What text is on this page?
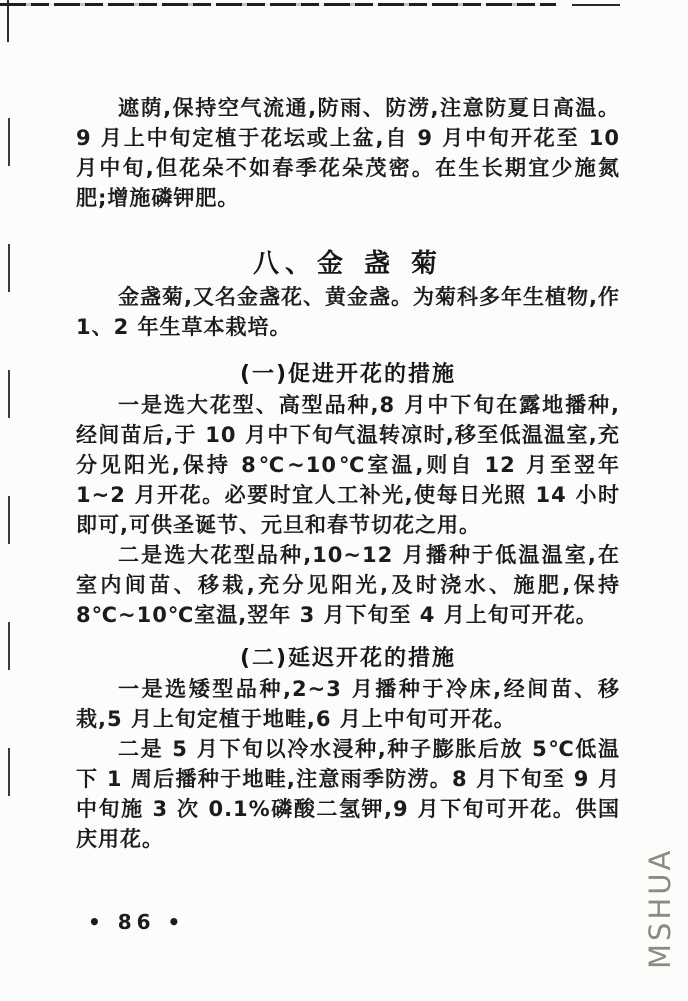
遮荫,保持空气流通,防雨、防涝,注意防夏日高温。9 月上中旬定植于花坛或上盆,自 9 月中旬开花至 10 月中旬,但花朵不如春季花朵茂密。在生长期宜少施氮肥;增施磷钾肥。

八、金 盏 菊

金盏菊,又名金盏花、黄金盏。为菊科多年生植物,作 1、2 年生草本栽培。

(一)促进开花的措施

一是选大花型、高型品种,8 月中下旬在露地播种,经间苗后,于 10 月中下旬气温转凉时,移至低温温室,充分见阳光,保持 8℃~10℃室温,则自 12 月至翌年 1~2 月开花。必要时宜人工补光,使每日光照 14 小时即可,可供圣诞节、元旦和春节切花之用。

二是选大花型品种,10~12 月播种于低温温室,在室内间苗、移栽,充分见阳光,及时浇水、施肥,保持 8℃~10℃室温,翌年 3 月下旬至 4 月上旬可开花。

(二)延迟开花的措施

一是选矮型品种,2~3 月播种于冷床,经间苗、移栽,5 月上旬定植于地畦,6 月上中旬可开花。

二是 5 月下旬以冷水浸种,种子膨胀后放 5℃低温下 1 周后播种于地畦,注意雨季防涝。8 月下旬至 9 月中旬施 3 次 0.1%磷酸二氢钾,9 月下旬可开花。供国庆用花。

• 86 •	MSHUA
